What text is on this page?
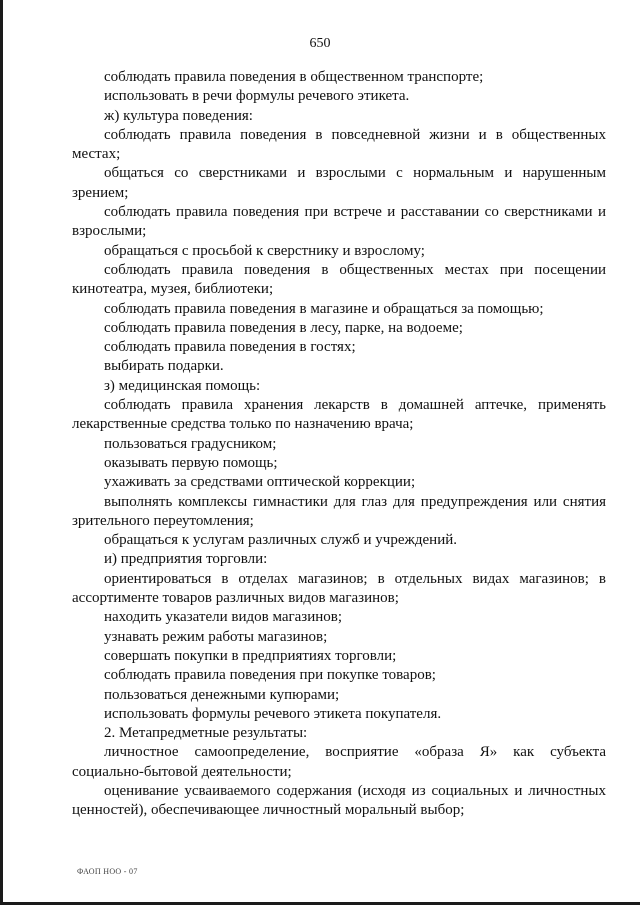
650

соблюдать правила поведения в общественном транспорте;

использовать в речи формулы речевого этикета.

ж) культура поведения:

соблюдать правила поведения в повседневной жизни и в общественных местах;

общаться со сверстниками и взрослыми с нормальным и нарушенным зрением;

соблюдать правила поведения при встрече и расставании со сверстниками и взрослыми;

обращаться с просьбой к сверстнику и взрослому;

соблюдать правила поведения в общественных местах при посещении кинотеатра, музея, библиотеки;

соблюдать правила поведения в магазине и обращаться за помощью;

соблюдать правила поведения в лесу, парке, на водоеме;

соблюдать правила поведения в гостях;

выбирать подарки.

з) медицинская помощь:

соблюдать правила хранения лекарств в домашней аптечке, применять лекарственные средства только по назначению врача;

пользоваться градусником;

оказывать первую помощь;

ухаживать за средствами оптической коррекции;

выполнять комплексы гимнастики для глаз для предупреждения или снятия зрительного переутомления;

обращаться к услугам различных служб и учреждений.

и) предприятия торговли:

ориентироваться в отделах магазинов; в отдельных видах магазинов; в ассортименте товаров различных видов магазинов;

находить указатели видов магазинов;

узнавать режим работы магазинов;

совершать покупки в предприятиях торговли;

соблюдать правила поведения при покупке товаров;

пользоваться денежными купюрами;

использовать формулы речевого этикета покупателя.

2. Метапредметные результаты:

личностное самоопределение, восприятие «образа Я» как субъекта социально-бытовой деятельности;

оценивание усваиваемого содержания (исходя из социальных и личностных ценностей), обеспечивающее личностный моральный выбор;

ФАОП НОО - 07
